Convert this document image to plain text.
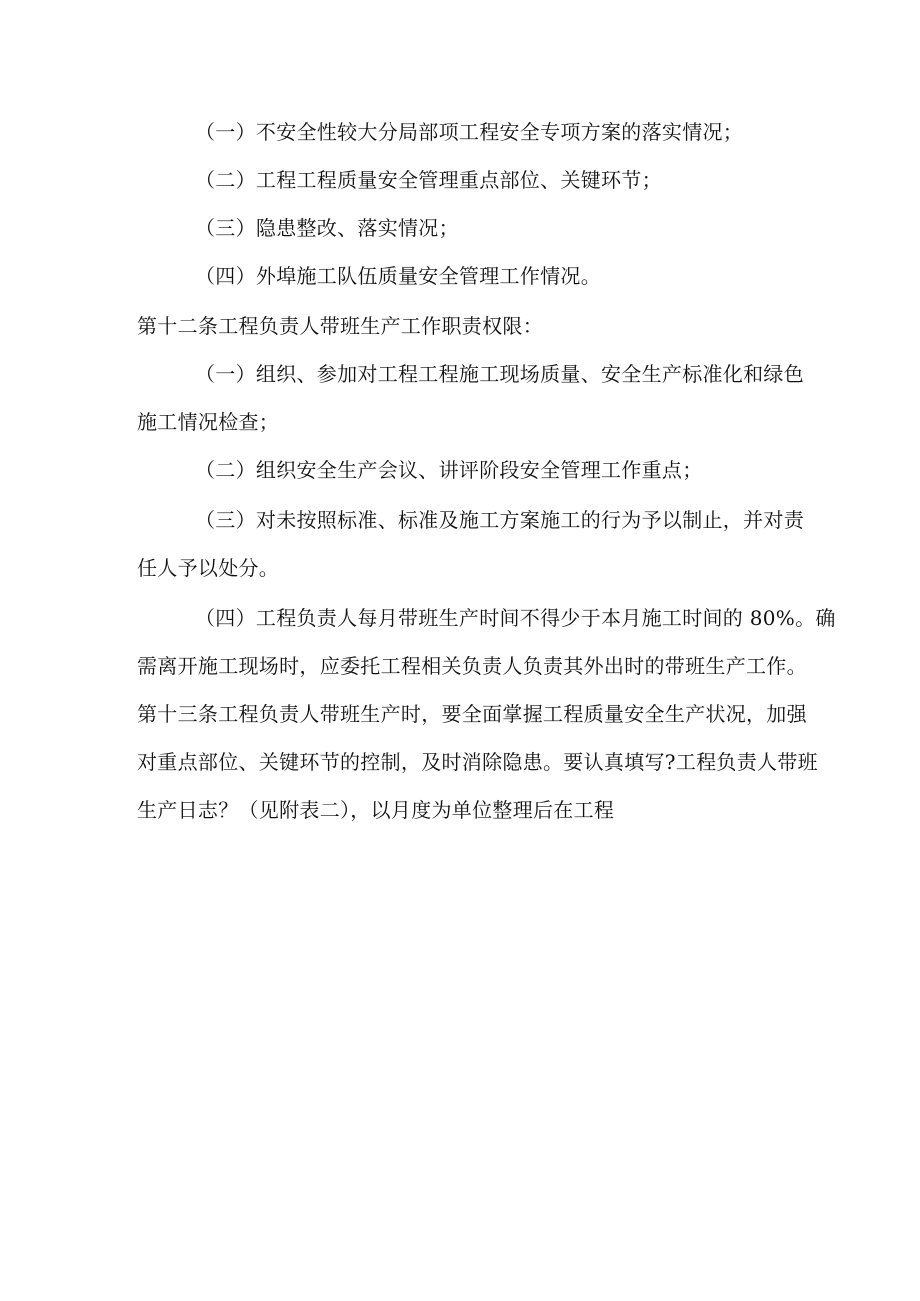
（一）不安全性较大分局部项工程安全专项方案的落实情况；
（二）工程工程质量安全管理重点部位、关键环节；
（三）隐患整改、落实情况；
（四）外埠施工队伍质量安全管理工作情况。
第十二条工程负责人带班生产工作职责权限：
（一）组织、参加对工程工程施工现场质量、安全生产标准化和绿色
施工情况检查；
（二）组织安全生产会议、讲评阶段安全管理工作重点；
（三）对未按照标准、标准及施工方案施工的行为予以制止，并对责
任人予以处分。
（四）工程负责人每月带班生产时间不得少于本月施工时间的 80%。确
需离开施工现场时，应委托工程相关负责人负责其外出时的带班生产工作。
第十三条工程负责人带班生产时，要全面掌握工程质量安全生产状况，加强
对重点部位、关键环节的控制，及时消除隐患。要认真填写?工程负责人带班
生产日志？（见附表二），以月度为单位整理后在工程
